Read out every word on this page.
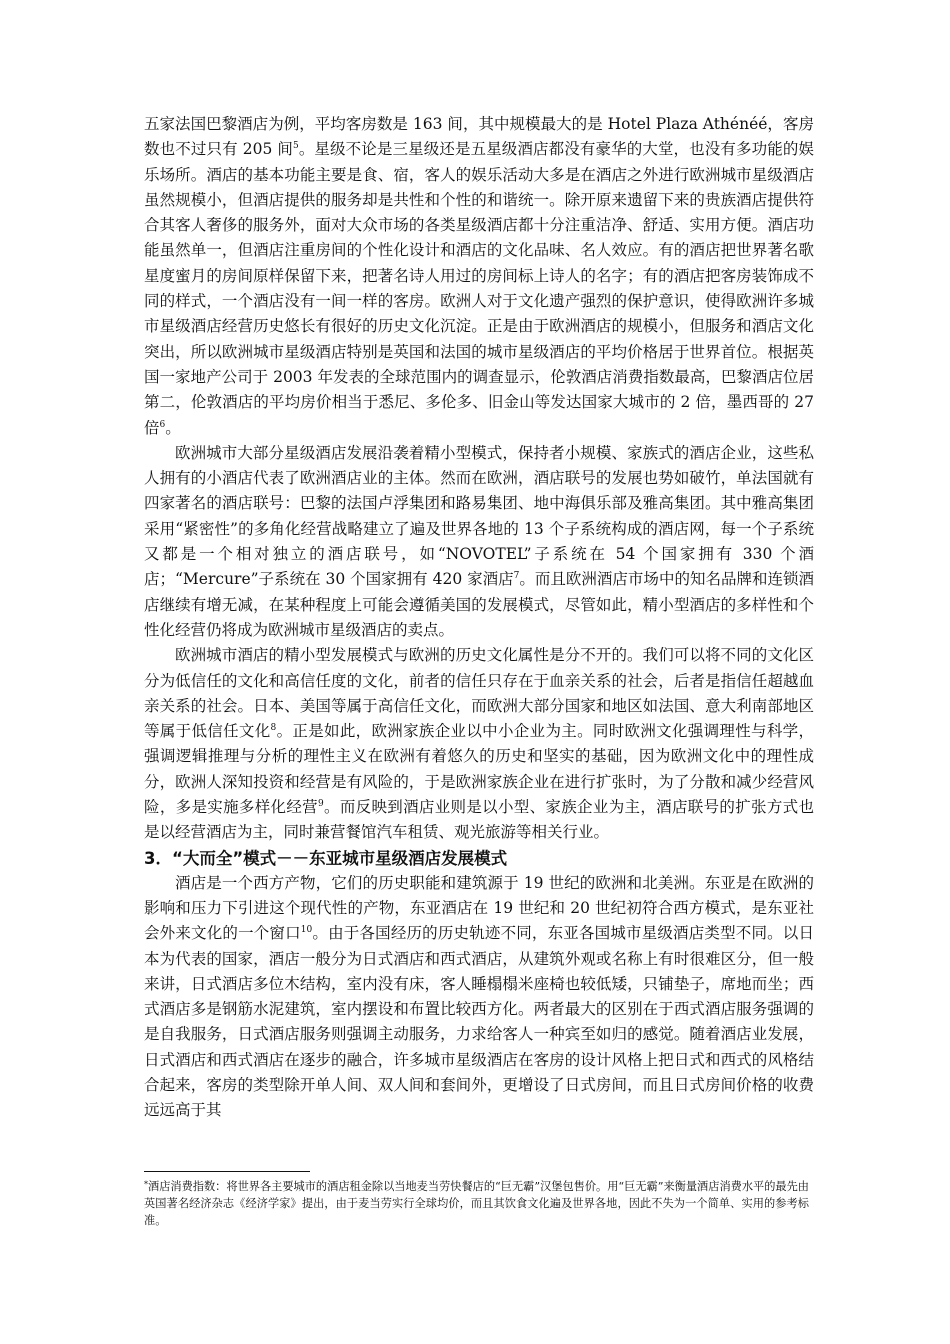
五家法国巴黎酒店为例，平均客房数是 163 间，其中规模最大的是 Hotel Plaza Athénéé，客房数也不过只有 205 间$^5$。星级不论是三星级还是五星级酒店都没有豪华的大堂，也没有多功能的娱乐场所。酒店的基本功能主要是食、宿，客人的娱乐活动大多是在酒店之外进行欧洲城市星级酒店虽然规模小，但酒店提供的服务却是共性和个性的和谐统一。除开原来遗留下来的贵族酒店提供符合其客人奢侈的服务外，面对大众市场的各类星级酒店都十分注重洁净、舒适、实用方便。酒店功能虽然单一，但酒店注重房间的个性化设计和酒店的文化品味、名人效应。有的酒店把世界著名歌星度蜜月的房间原样保留下来，把著名诗人用过的房间标上诗人的名字；有的酒店把客房装饰成不同的样式，一个酒店没有一间一样的客房。欧洲人对于文化遗产强烈的保护意识，使得欧洲许多城市星级酒店经营历史悠长有很好的历史文化沉淀。正是由于欧洲酒店的规模小，但服务和酒店文化突出，所以欧洲城市星级酒店特别是英国和法国的城市星级酒店的平均价格居于世界首位。根据英国一家地产公司于 2003 年发表的全球范围内的调查显示，伦敦酒店消费指数最高，巴黎酒店位居第二，伦敦酒店的平均房价相当于悉尼、多伦多、旧金山等发达国家大城市的 2 倍，墨西哥的 27 倍$^6$。

欧洲城市大部分星级酒店发展沿袭着精小型模式，保持者小规模、家族式的酒店企业，这些私人拥有的小酒店代表了欧洲酒店业的主体。然而在欧洲，酒店联号的发展也势如破竹，单法国就有四家著名的酒店联号：巴黎的法国卢浮集团和路易集团、地中海俱乐部及雅高集团。其中雅高集团采用“紧密性”的多角化经营战略建立了遍及世界各地的 13 个子系统构成的酒店网，每一个子系统又都是一个相对独立的酒店联号，如“NOVOTEL”子系统在 54 个国家拥有 330 个酒店；“Mercure”子系统在 30 个国家拥有 420 家酒店$^7$。而且欧洲酒店市场中的知名品牌和连锁酒店继续有增无减，在某种程度上可能会遵循美国的发展模式，尽管如此，精小型酒店的多样性和个性化经营仍将成为欧洲城市星级酒店的卖点。

欧洲城市酒店的精小型发展模式与欧洲的历史文化属性是分不开的。我们可以将不同的文化区分为低信任的文化和高信任度的文化，前者的信任只存在于血亲关系的社会，后者是指信任超越血亲关系的社会。日本、美国等属于高信任文化，而欧洲大部分国家和地区如法国、意大利南部地区等属于低信任文化$^8$。正是如此，欧洲家族企业以中小企业为主。同时欧洲文化强调理性与科学，强调逻辑推理与分析的理性主义在欧洲有着悠久的历史和坚实的基础，因为欧洲文化中的理性成分，欧洲人深知投资和经营是有风险的，于是欧洲家族企业在进行扩张时，为了分散和减少经营风险，多是实施多样化经营$^9$。而反映到酒店业则是以小型、家族企业为主，酒店联号的扩张方式也是以经营酒店为主，同时兼营餐馆汽车租赁、观光旅游等相关行业。

3．“大而全”模式－－东亚城市星级酒店发展模式

酒店是一个西方产物，它们的历史职能和建筑源于 19 世纪的欧洲和北美洲。东亚是在欧洲的影响和压力下引进这个现代性的产物，东亚酒店在 19 世纪和 20 世纪初符合西方模式，是东亚社会外来文化的一个窗口$^{10}$。由于各国经历的历史轨迹不同，东亚各国城市星级酒店类型不同。以日本为代表的国家，酒店一般分为日式酒店和西式酒店，从建筑外观或名称上有时很难区分，但一般来讲，日式酒店多位木结构，室内没有床，客人睡榻榻米座椅也较低矮，只铺垫子，席地而坐；西式酒店多是钢筋水泥建筑，室内摆设和布置比较西方化。两者最大的区别在于西式酒店服务强调的是自我服务，日式酒店服务则强调主动服务，力求给客人一种宾至如归的感觉。随着酒店业发展，日式酒店和西式酒店在逐步的融合，许多城市星级酒店在客房的设计风格上把日式和西式的风格结合起来，客房的类型除开单人间、双人间和套间外，更增设了日式房间，而且日式房间价格的收费远远高于其

*酒店消费指数：将世界各主要城市的酒店租金除以当地麦当劳快餐店的“巨无霸”汉堡包售价。用“巨无霸”来衡量酒店消费水平的最先由英国著名经济杂志《经济学家》提出，由于麦当劳实行全球均价，而且其饮食文化遍及世界各地，因此不失为一个简单、实用的参考标准。
